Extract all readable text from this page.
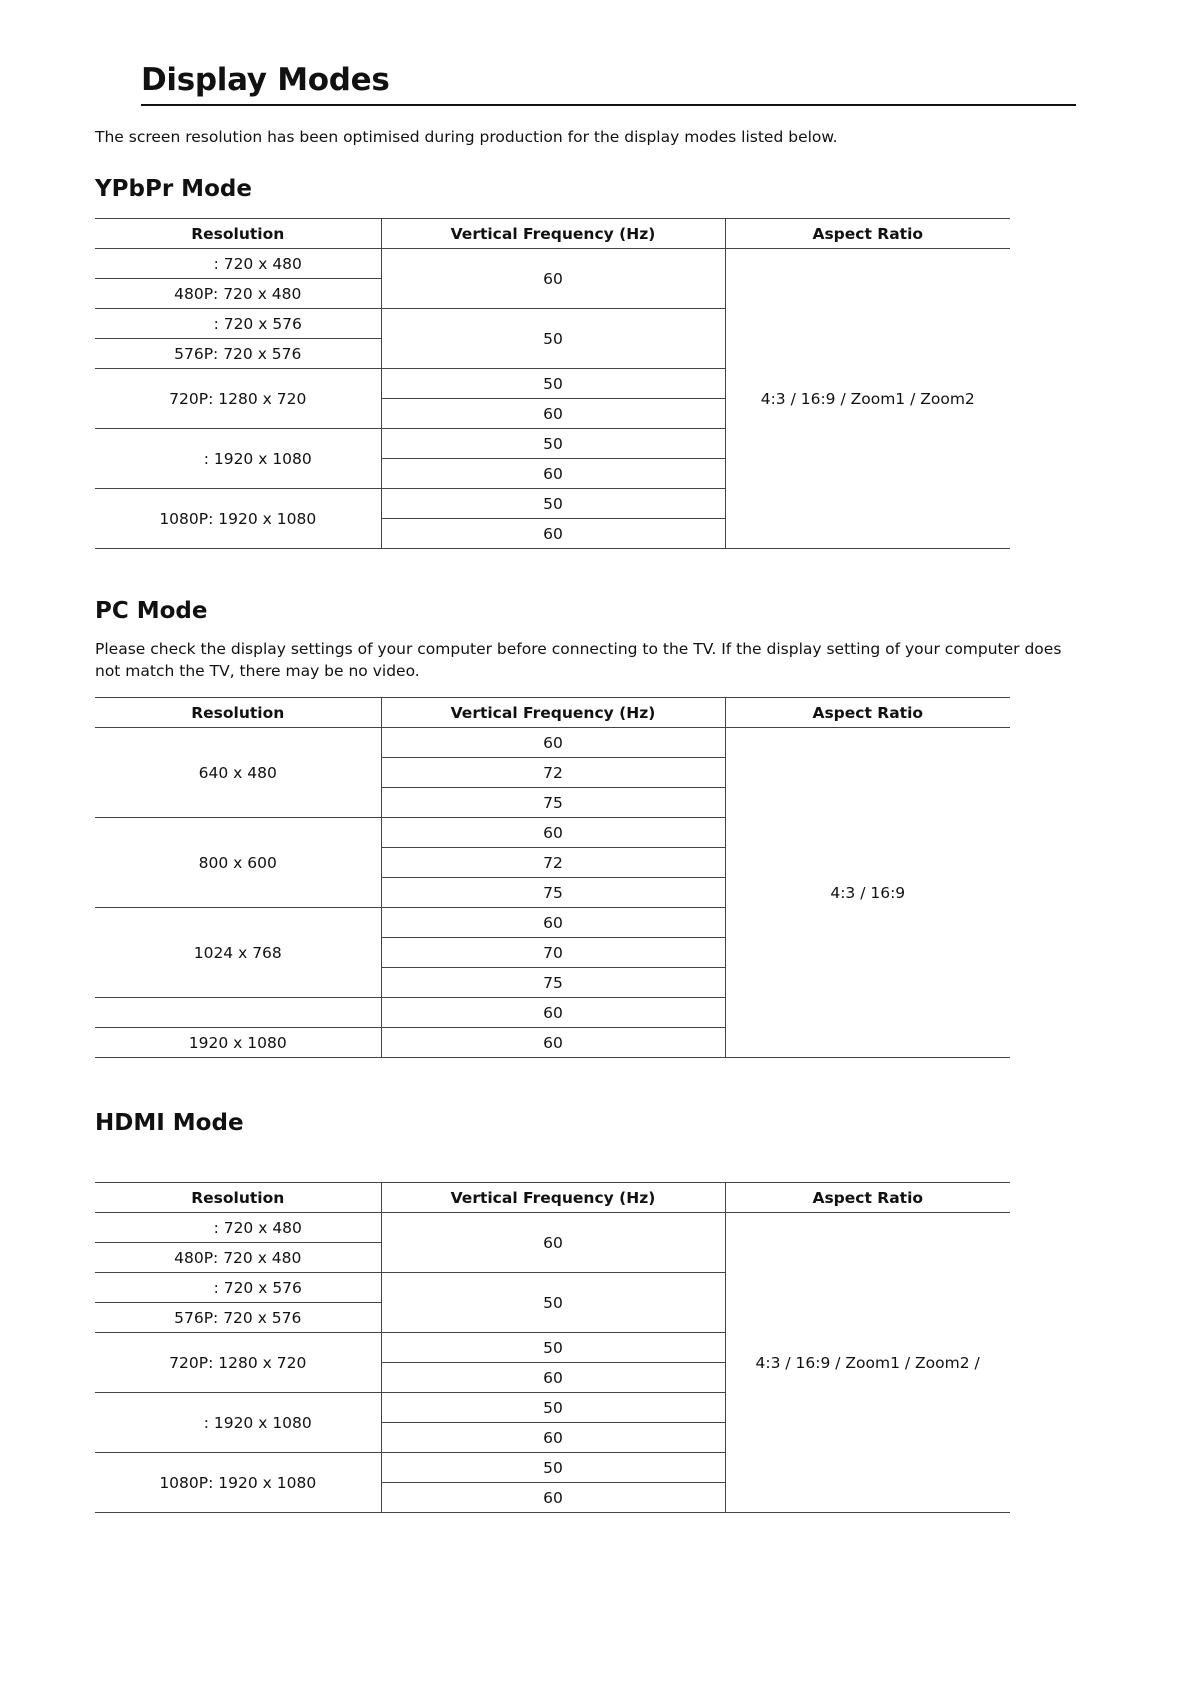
Display Modes

The screen resolution has been optimised during production for the display modes listed below.

YPbPr Mode
Resolution	Vertical Frequency (Hz)	Aspect Ratio
: 720 x 480	60	4:3 / 16:9 / Zoom1 / Zoom2
480P: 720 x 480		
: 720 x 576	50	
576P: 720 x 576		
720P: 1280 x 720	50	
	60	
: 1920 x 1080	50	
	60	
1080P: 1920 x 1080	50	
	60	
PC Mode

Please check the display settings of your computer before connecting to the TV. If the display setting of your computer does not match the TV, there may be no video.

Resolution	Vertical Frequency (Hz)	Aspect Ratio
640 x 480	60	4:3 / 16:9
	72	
	75	
800 x 600	60	
	72	
	75	
1024 x 768	60	
	70	
	75	
	60	
1920 x 1080	60	
HDMI Mode
Resolution	Vertical Frequency (Hz)	Aspect Ratio
: 720 x 480	60	4:3 / 16:9 / Zoom1 / Zoom2 /
480P: 720 x 480		
: 720 x 576	50	
576P: 720 x 576		
720P: 1280 x 720	50	
	60	
: 1920 x 1080	50	
	60	
1080P: 1920 x 1080	50	
	60	
